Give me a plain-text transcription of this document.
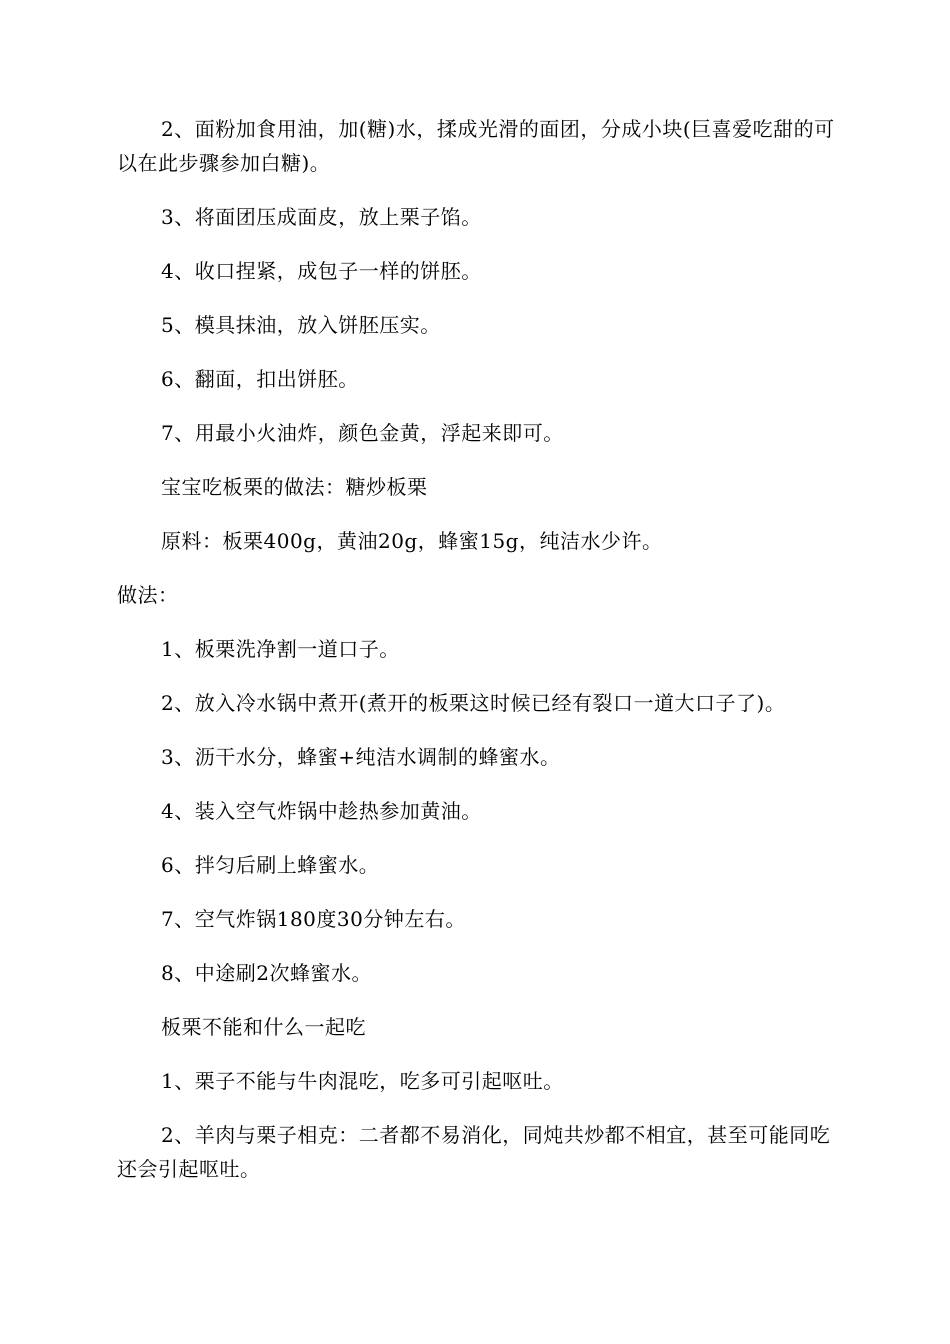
2、面粉加食用油，加(糖)水，揉成光滑的面团，分成小块(巨喜爱吃甜的可以在此步骤参加白糖)。

3、将面团压成面皮，放上栗子馅。

4、收口捏紧，成包子一样的饼胚。

5、模具抹油，放入饼胚压实。

6、翻面，扣出饼胚。

7、用最小火油炸，颜色金黄，浮起来即可。

宝宝吃板栗的做法：糖炒板栗

原料：板栗400g，黄油20g，蜂蜜15g，纯洁水少许。

做法：

1、板栗洗净割一道口子。

2、放入冷水锅中煮开(煮开的板栗这时候已经有裂口一道大口子了)。

3、沥干水分，蜂蜜+纯洁水调制的蜂蜜水。

4、装入空气炸锅中趁热参加黄油。

6、拌匀后刷上蜂蜜水。

7、空气炸锅180度30分钟左右。

8、中途刷2次蜂蜜水。

板栗不能和什么一起吃

1、栗子不能与牛肉混吃，吃多可引起呕吐。

2、羊肉与栗子相克：二者都不易消化，同炖共炒都不相宜，甚至可能同吃还会引起呕吐。
